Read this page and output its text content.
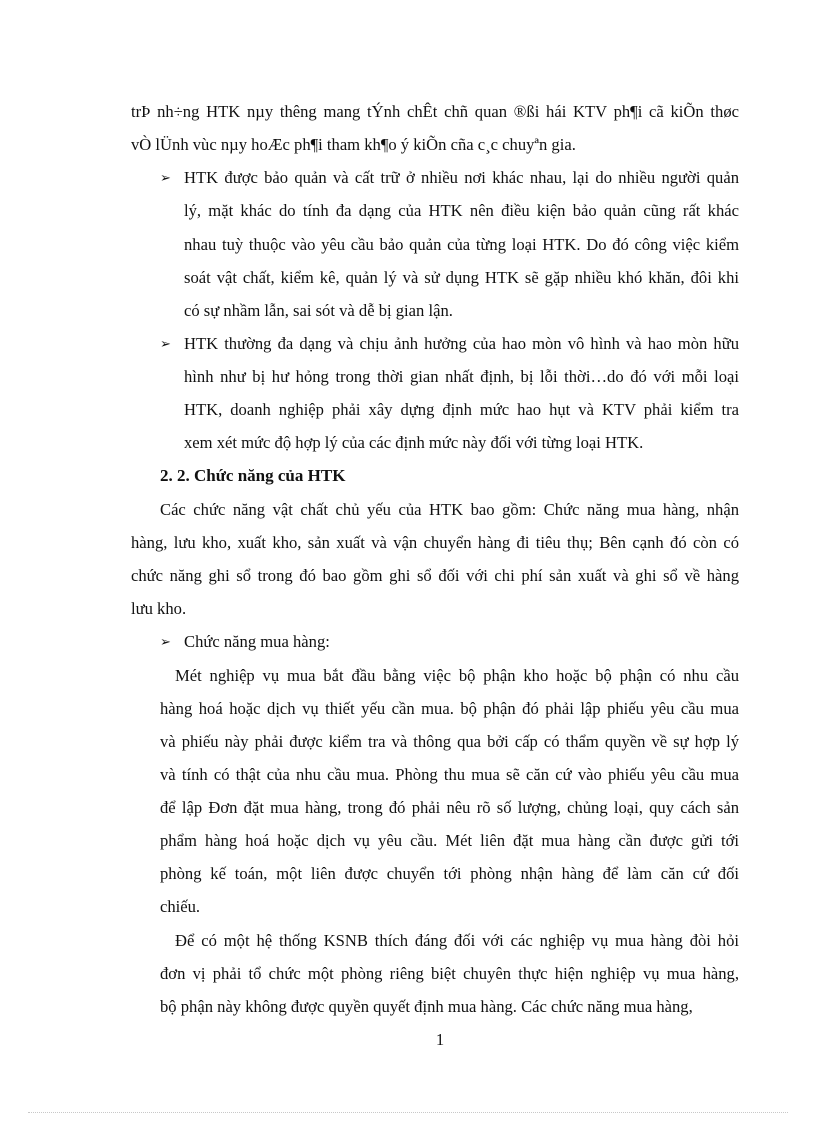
trÞ nh÷ng HTK nµy thêng mang tÝnh chÊt chñ quan ®ßi hái KTV ph¶i cã kiÕn thøc
vÒ lÜnh vùc nµy hoÆc ph¶i tham kh¶o ý kiÕn cña c¸c chuyªn gia.
➢ HTK được bảo quản và cất trữ ở nhiều nơi khác nhau, lại do nhiều người quản
lý, mặt khác do tính đa dạng của HTK nên điều kiện bảo quản cũng rất khác
nhau tuỳ thuộc vào yêu cầu bảo quản của từng loại HTK. Do đó công việc kiểm
soát vật chất, kiểm kê, quản lý và sử dụng HTK sẽ gặp nhiều khó khăn, đôi khi
có sự nhầm lẫn, sai sót và dễ bị gian lận.
➢ HTK thường đa dạng và chịu ảnh hưởng của hao mòn vô hình và hao mòn hữu
hình như bị hư hỏng trong thời gian nhất định, bị lỗi thời…do đó với mỗi loại
HTK, doanh nghiệp phải xây dựng định mức hao hụt và KTV phải kiểm tra
xem xét mức độ hợp lý của các định mức này đối với từng loại HTK.
2. 2. Chức năng của HTK
Các chức năng vật chất chủ yếu của HTK bao gồm: Chức năng mua hàng, nhận
hàng, lưu kho, xuất kho, sản xuất và vận chuyển hàng đi tiêu thụ; Bên cạnh đó còn có
chức năng ghi sổ trong đó bao gồm ghi sổ đối với chi phí sản xuất và ghi sổ về hàng
lưu kho.
➢ Chức năng mua hàng:
Mét nghiệp vụ mua bắt đầu bằng việc bộ phận kho hoặc bộ phận có nhu cầu
hàng hoá hoặc dịch vụ thiết yếu cần mua. bộ phận đó phải lập phiếu yêu cầu mua
và phiếu này phải được kiểm tra và thông qua bởi cấp có thẩm quyền về sự hợp lý
và tính có thật của nhu cầu mua. Phòng thu mua sẽ căn cứ vào phiếu yêu cầu mua
để lập Đơn đặt mua hàng, trong đó phải nêu rõ số lượng, chủng loại, quy cách sản
phẩm hàng hoá hoặc dịch vụ yêu cầu. Mét liên đặt mua hàng cần được gửi tới
phòng kế toán, một liên được chuyển tới phòng nhận hàng để làm căn cứ đối
chiếu.
Để có một hệ thống KSNB thích đáng đối với các nghiệp vụ mua hàng đòi hỏi
đơn vị phải tổ chức một phòng riêng biệt chuyên thực hiện nghiệp vụ mua hàng,
bộ phận này không được quyền quyết định mua hàng. Các chức năng mua hàng,
1
